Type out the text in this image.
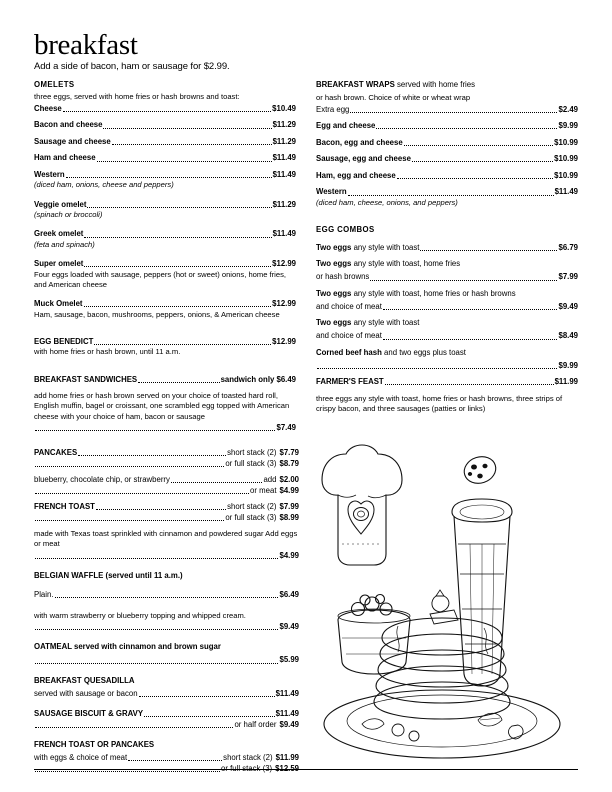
breakfast
Add a side of bacon, ham or sausage for $2.99.
OMELETS
three eggs, served with home fries or hash browns and toast:
Cheese	$10.49
Bacon and cheese	$11.29
Sausage and cheese	$11.29
Ham and cheese	$11.49
Western	$11.49
(diced ham, onions, cheese and peppers)
Veggie omelet	$11.29
(spinach or broccoli)
Greek omelet	$11.49
(feta and spinach)
Super omelet	$12.99
Four eggs loaded with sausage, peppers (hot or sweet) onions, home fries, and American cheese
Muck Omelet	$12.99
Ham, sausage, bacon, mushrooms, peppers, onions, & American cheese
EGG BENEDICT	$12.99
with home fries or hash brown, until 11 a.m.
BREAKFAST SANDWICHES	sandwich only $6.49
add home fries or hash brown served on your choice of toasted hard roll, English muffin, bagel or croissant, one scrambled egg topped with American cheese with your choice of ham, bacon or sausage
$7.49
BREAKFAST WRAPS served with home fries
or hash brown. Choice of white or wheat wrap
Extra egg	$2.49
Egg and cheese	$9.99
Bacon, egg and cheese	$10.99
Sausage, egg and cheese	$10.99
Ham, egg and cheese	$10.99
Western	$11.49
(diced ham, cheese, onions, and peppers)
EGG COMBOS
Two eggs
any style with toast	$6.79
Two eggs any style with toast, home fries
or hash browns	$7.99
Two eggs any style with toast, home fries or hash browns
and choice of meat	$9.49
Two eggs any style with toast
and choice of meat	$8.49
Corned beef hash and two eggs plus toast
$9.99
FARMER'S FEAST	$11.99
three eggs any style with toast, home fries or hash browns, three strips of crispy bacon, and three sausages (patties or links)
PANCAKES	short stack (2) $7.79
or full stack (3) $8.79
blueberry, chocolate chip, or strawberry	add $2.00
or meat $4.99
FRENCH TOAST	short stack (2) $7.99
or full stack (3) $8.99
made with Texas toast sprinkled with cinnamon and powdered sugar Add eggs or meat
$4.99
BELGIAN WAFFLE (served until 11 a.m.)
Plain.	$6.49
with warm strawberry or blueberry topping and whipped cream.
$9.49
OATMEAL served with cinnamon and brown sugar
$5.99
BREAKFAST QUESADILLA
served with sausage or bacon	$11.49
SAUSAGE BISCUIT & GRAVY	$11.49
or half order $9.49
FRENCH TOAST OR PANCAKES
with eggs & choice of meat	short stack (2) $11.99
or full stack (3) $12.59
